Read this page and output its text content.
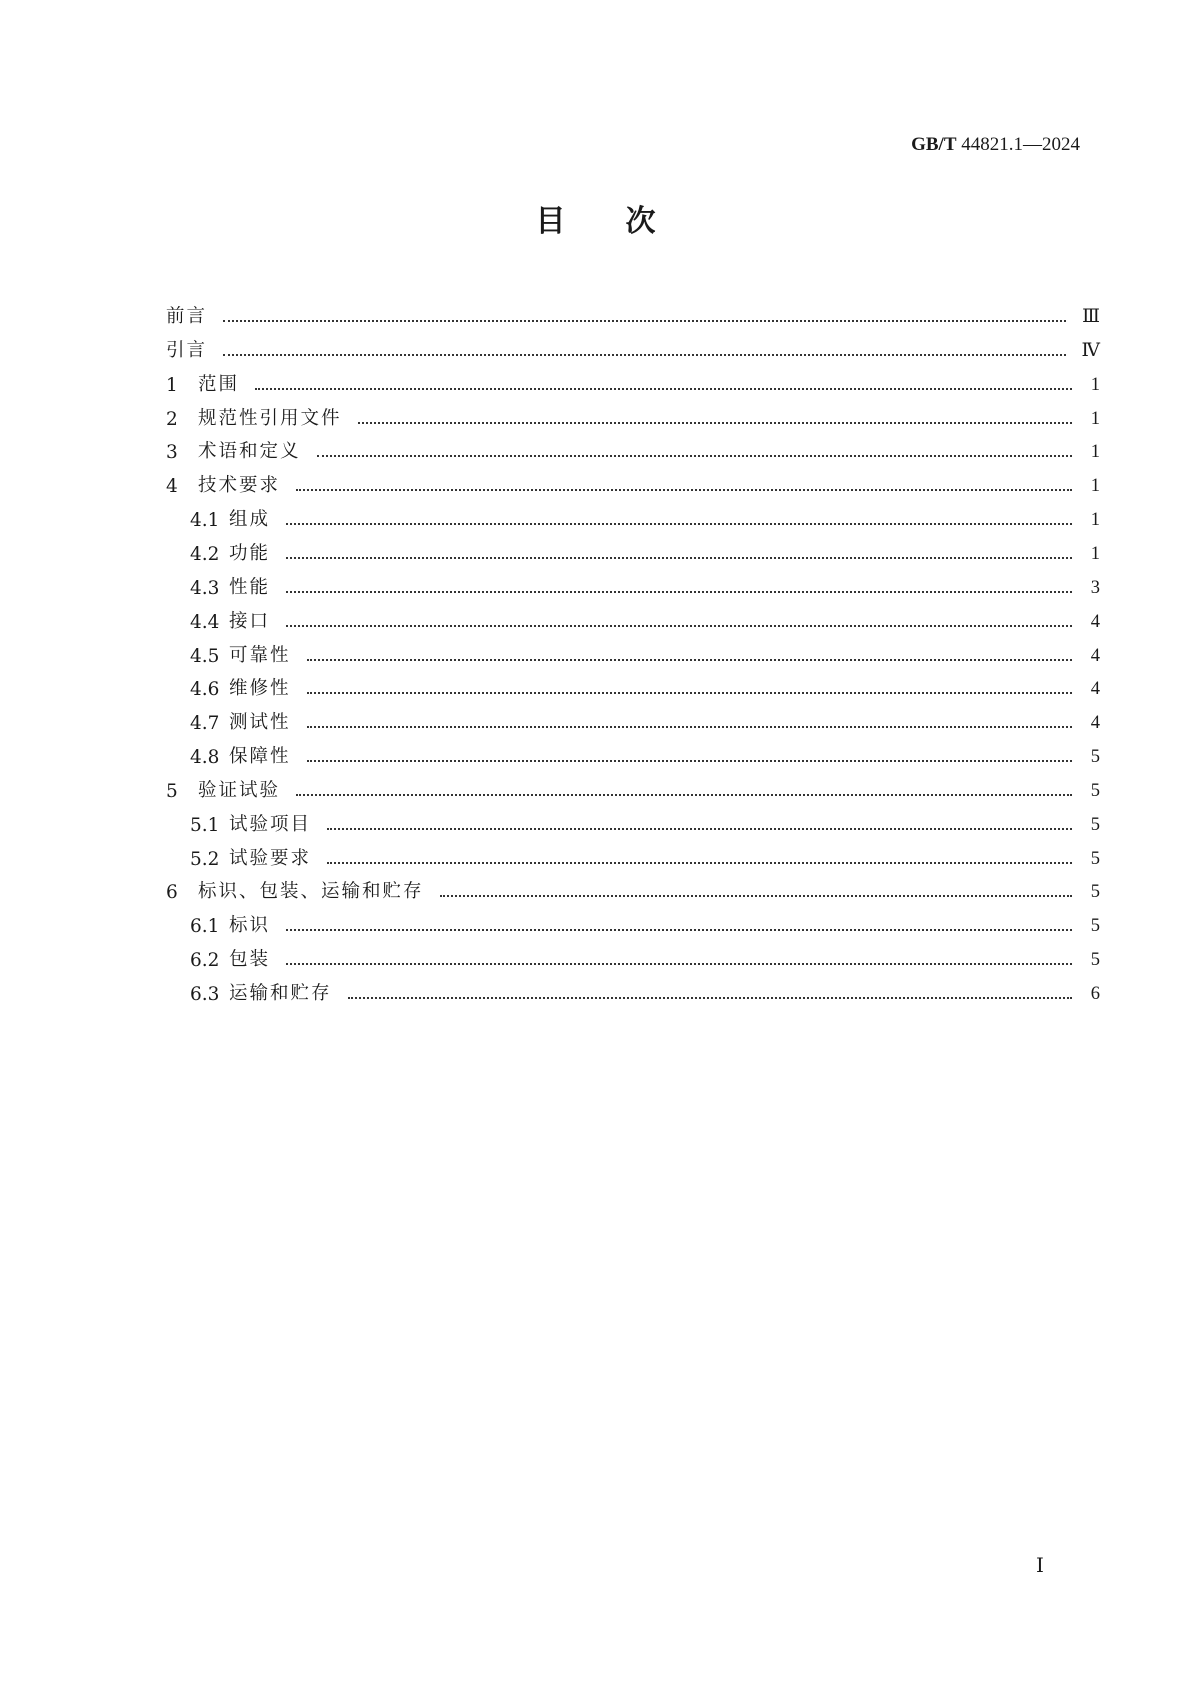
GB/T 44821.1—2024
目次
前言	Ⅲ
引言	Ⅳ
1	范围	1
2	规范性引用文件	1
3	术语和定义	1
4	技术要求	1
4.1 组成	1
4.2 功能	1
4.3 性能	3
4.4 接口	4
4.5 可靠性	4
4.6 维修性	4
4.7 测试性	4
4.8 保障性	5
5	验证试验	5
5.1 试验项目	5
5.2 试验要求	5
6	标识、包装、运输和贮存	5
6.1 标识	5
6.2 包装	5
6.3 运输和贮存	6
Ⅰ
